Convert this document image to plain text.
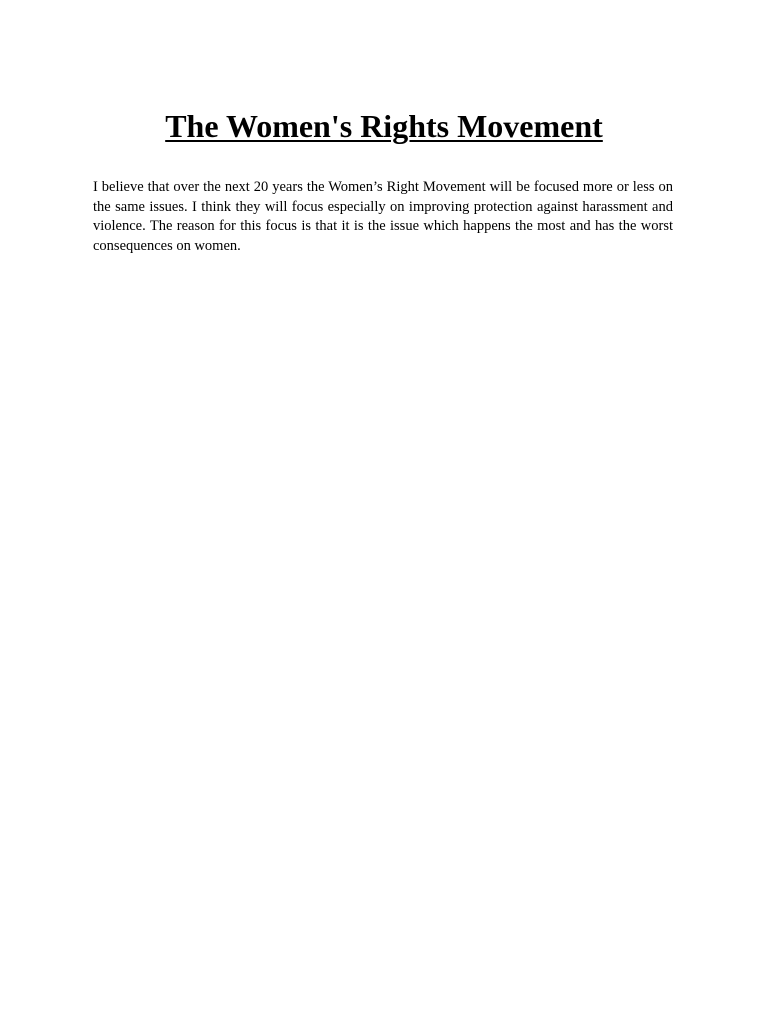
The Women's Rights Movement

I believe that over the next 20 years the Women’s Right Movement will be focused more or less on the same issues. I think they will focus especially on improving protection against harassment and violence. The reason for this focus is that it is the issue which happens the most and has the worst consequences on women.
